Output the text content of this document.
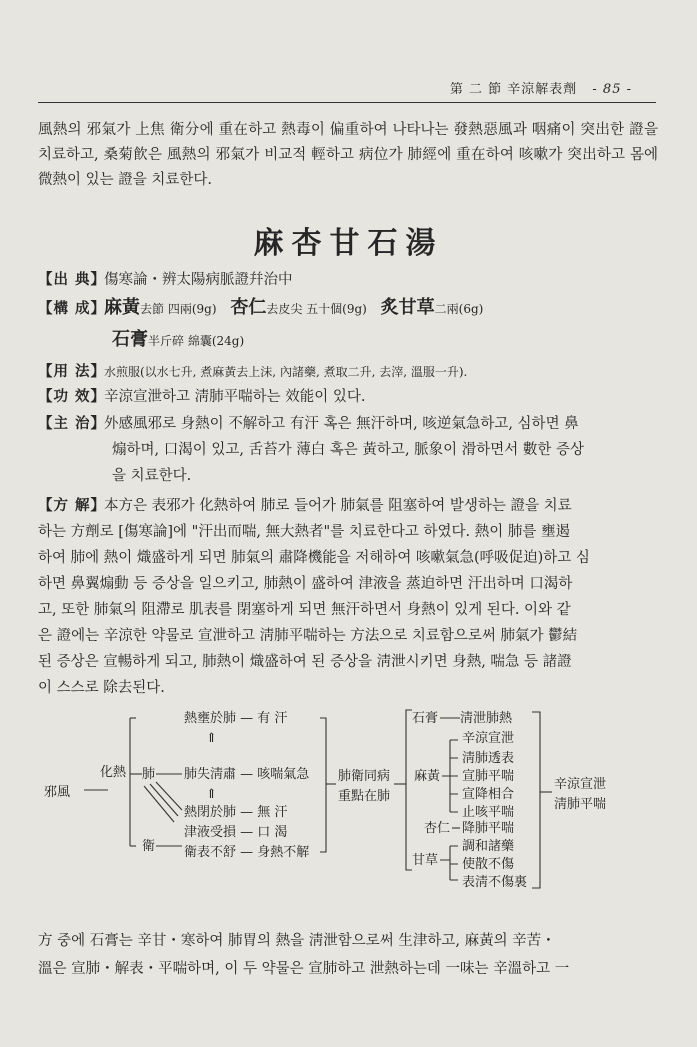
第 二 節 辛涼解表劑 - 85 -

風熱의 邪氣가 上焦 衛分에 重在하고 熱毒이 偏重하여 나타나는 發熱惡風과 咽痛이 突出한 證을 치료하고, 桑菊飮은 風熱의 邪氣가 비교적 輕하고 病位가 肺經에 重在하여 咳嗽가 突出하고 몸에 微熱이 있는 證을 치료한다.

麻杏甘石湯
【出 典】傷寒論・辨太陽病脈證幷治中
【構 成】麻黃去節 四兩(9g) 杏仁去皮尖 五十個(9g) 炙甘草二兩(6g)
石膏半斤碎 綿囊(24g)
【用 法】水煎服(以水七升, 煮麻黃去上沫, 內諸藥, 煮取二升, 去滓, 溫服一升).
【功 效】辛涼宣泄하고 淸肺平喘하는 效能이 있다.
【主 治】外感風邪로 身熱이 不解하고 有汗 혹은 無汗하며, 咳逆氣急하고, 심하면 鼻
煽하며, 口渴이 있고, 舌苔가 薄白 혹은 黃하고, 脈象이 滑하면서 數한 증상
을 치료한다.
【方 解】本方은 表邪가 化熱하여 肺로 들어가 肺氣를 阻塞하여 발생하는 證을 치료
하는 方劑로 [傷寒論]에 "汗出而喘, 無大熱者"를 치료한다고 하였다. 熱이 肺를 壅遏
하여 肺에 熱이 熾盛하게 되면 肺氣의 肅降機能을 저해하여 咳嗽氣急(呼吸促迫)하고 심
하면 鼻翼煽動 등 증상을 일으키고, 肺熱이 盛하여 津液을 蒸迫하면 汗出하며 口渴하
고, 또한 肺氣의 阻滯로 肌表를 閉塞하게 되면 無汗하면서 身熱이 있게 된다. 이와 같
은 證에는 辛涼한 약물로 宣泄하고 淸肺平喘하는 方法으로 치료함으로써 肺氣가 鬱結
된 증상은 宣暢하게 되고, 肺熱이 熾盛하여 된 증상을 淸泄시키면 身熱, 喘急 등 諸證
이 스스로 除去된다.
邪風
化熱 肺
衛
熱壅於肺 — 有 汗
⇑
肺失淸肅 — 咳喘氣急
⇑
熱閉於肺 — 無 汗
津液受損 — 口 渴
衛表不舒 — 身熱不解
肺衛同病
重點在肺
石膏
麻黃
杏仁
甘草
淸泄肺熱
辛涼宣泄
淸肺透表
宣肺平喘
宣降相合
止咳平喘
降肺平喘
調和諸藥
使散不傷
表淸不傷裏
辛涼宣泄
淸肺平喘
方 중에 石膏는 辛甘・寒하여 肺胃의 熱을 淸泄함으로써 生津하고, 麻黃의 辛苦・
溫은 宣肺・解表・平喘하며, 이 두 약물은 宣肺하고 泄熱하는데 一味는 辛溫하고 一
